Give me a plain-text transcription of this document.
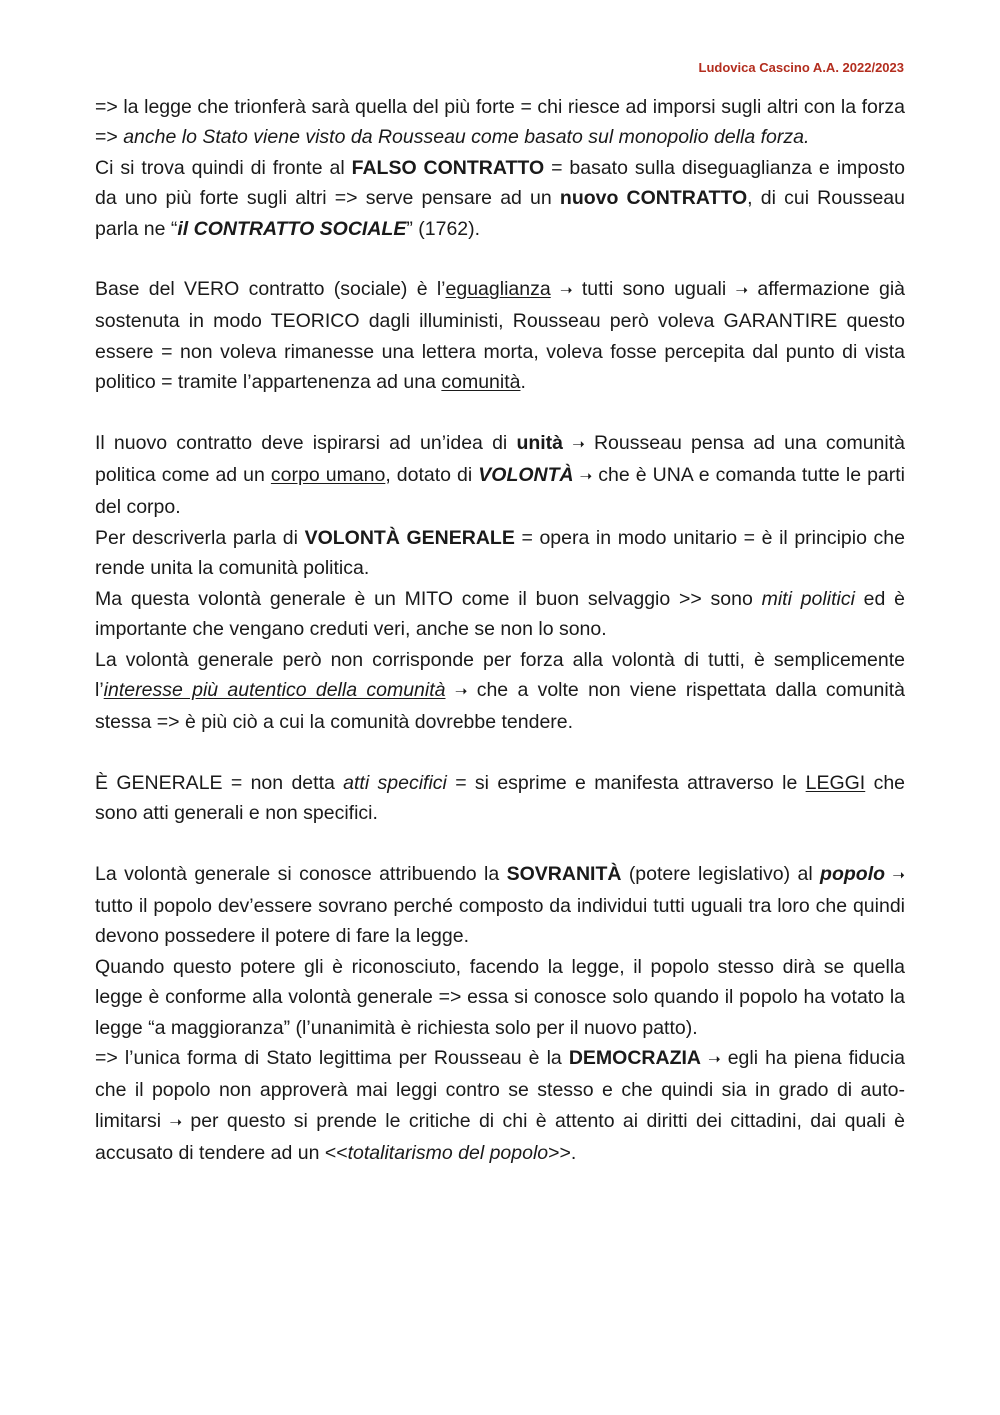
Ludovica Cascino A.A. 2022/2023

=> la legge che trionferà sarà quella del più forte = chi riesce ad imporsi sugli altri con la forza => anche lo Stato viene visto da Rousseau come basato sul monopolio della forza.

Ci si trova quindi di fronte al FALSO CONTRATTO = basato sulla diseguaglianza e imposto da uno più forte sugli altri => serve pensare ad un nuovo CONTRATTO, di cui Rousseau parla ne “il CONTRATTO SOCIALE” (1762).

Base del VERO contratto (sociale) è l’eguaglianza ➝ tutti sono uguali ➝ affermazione già sostenuta in modo TEORICO dagli illuministi, Rousseau però voleva GARANTIRE questo essere = non voleva rimanesse una lettera morta, voleva fosse percepita dal punto di vista politico = tramite l’appartenenza ad una comunità.

Il nuovo contratto deve ispirarsi ad un’idea di unità ➝ Rousseau pensa ad una comunità politica come ad un corpo umano, dotato di VOLONTÀ ➝ che è UNA e comanda tutte le parti del corpo.

Per descriverla parla di VOLONTÀ GENERALE = opera in modo unitario = è il principio che rende unita la comunità politica.

Ma questa volontà generale è un MITO come il buon selvaggio >> sono miti politici ed è importante che vengano creduti veri, anche se non lo sono.

La volontà generale però non corrisponde per forza alla volontà di tutti, è semplicemente l’interesse più autentico della comunità ➝ che a volte non viene rispettata dalla comunità stessa => è più ciò a cui la comunità dovrebbe tendere.

È GENERALE = non detta atti specifici = si esprime e manifesta attraverso le LEGGI che sono atti generali e non specifici.

La volontà generale si conosce attribuendo la SOVRANITÀ (potere legislativo) al popolo ➝ tutto il popolo dev’essere sovrano perché composto da individui tutti uguali tra loro che quindi devono possedere il potere di fare la legge.

Quando questo potere gli è riconosciuto, facendo la legge, il popolo stesso dirà se quella legge è conforme alla volontà generale => essa si conosce solo quando il popolo ha votato la legge “a maggioranza” (l’unanimità è richiesta solo per il nuovo patto).

=> l’unica forma di Stato legittima per Rousseau è la DEMOCRAZIA ➝ egli ha piena fiducia che il popolo non approverà mai leggi contro se stesso e che quindi sia in grado di auto-limitarsi ➝ per questo si prende le critiche di chi è attento ai diritti dei cittadini, dai quali è accusato di tendere ad un <<totalitarismo del popolo>>.
